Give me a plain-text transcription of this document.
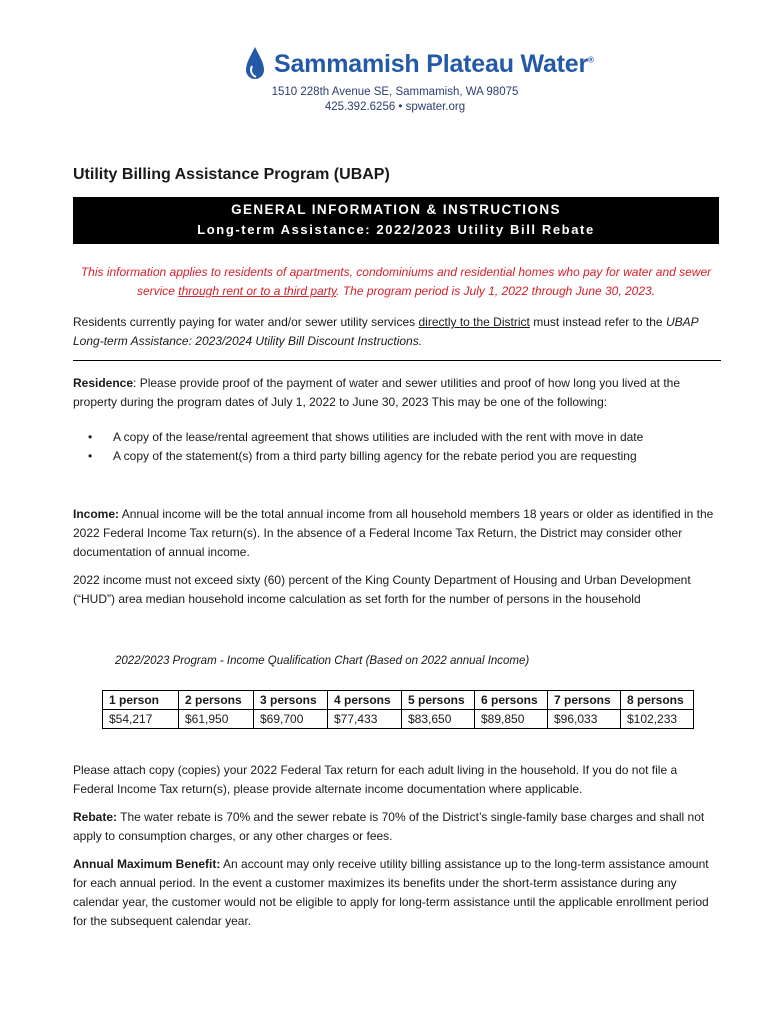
Sammamish Plateau Water®
1510 228th Avenue SE, Sammamish, WA 98075
425.392.6256 • spwater.org
Utility Billing Assistance Program (UBAP)
GENERAL INFORMATION & INSTRUCTIONS
Long-term Assistance: 2022/2023 Utility Bill Rebate
This information applies to residents of apartments, condominiums and residential homes who pay for water and sewer service through rent or to a third party. The program period is July 1, 2022 through June 30, 2023.
Residents currently paying for water and/or sewer utility services directly to the District must instead refer to the UBAP Long-term Assistance: 2023/2024 Utility Bill Discount Instructions.
Residence: Please provide proof of the payment of water and sewer utilities and proof of how long you lived at the property during the program dates of July 1, 2022 to June 30, 2023 This may be one of the following:
•	A copy of the lease/rental agreement that shows utilities are included with the rent with move in date
•	A copy of the statement(s) from a third party billing agency for the rebate period you are requesting
Income: Annual income will be the total annual income from all household members 18 years or older as identified in the 2022 Federal Income Tax return(s). In the absence of a Federal Income Tax Return, the District may consider other documentation of annual income.
2022 income must not exceed sixty (60) percent of the King County Department of Housing and Urban Development (“HUD”) area median household income calculation as set forth for the number of persons in the household
2022/2023 Program - Income Qualification Chart (Based on 2022 annual Income)
1 person	2 persons	3 persons	4 persons	5 persons	6 persons	7 persons	8 persons
$54,217	$61,950	$69,700	$77,433	$83,650	$89,850	$96,033	$102,233
Please attach copy (copies) your 2022 Federal Tax return for each adult living in the household. If you do not file a Federal Income Tax return(s), please provide alternate income documentation where applicable.
Rebate: The water rebate is 70% and the sewer rebate is 70% of the District’s single-family base charges and shall not apply to consumption charges, or any other charges or fees.
Annual Maximum Benefit: An account may only receive utility billing assistance up to the long-term assistance amount for each annual period. In the event a customer maximizes its benefits under the short-term assistance during any calendar year, the customer would not be eligible to apply for long-term assistance until the applicable enrollment period for the subsequent calendar year.
